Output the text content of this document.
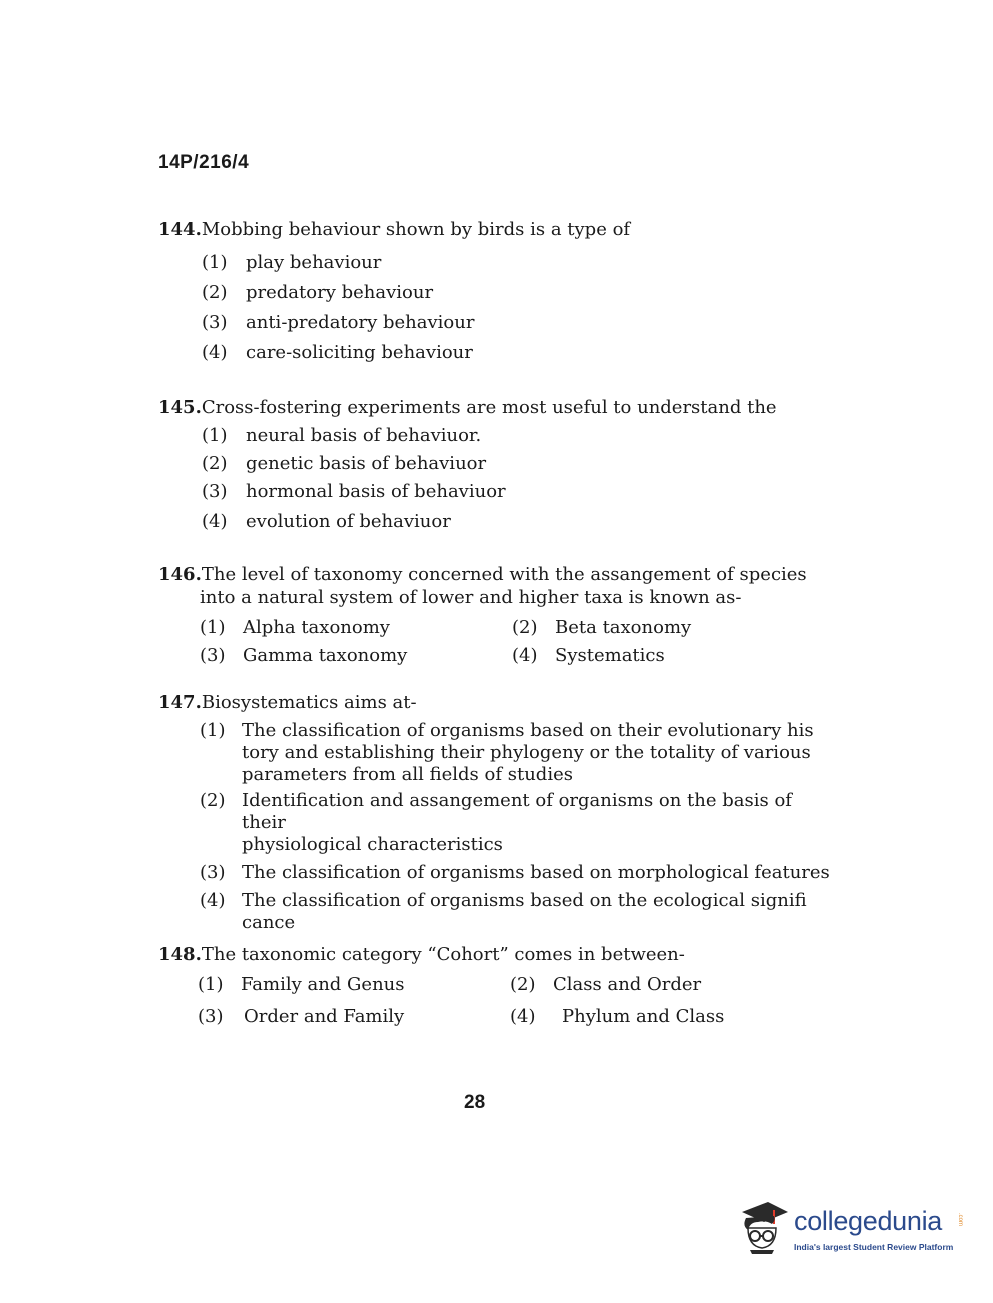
14P/216/4
144. Mobbing behaviour shown by birds is a type of
(1)	play behaviour
(2)	predatory behaviour
(3)	anti-predatory behaviour
(4)	care-soliciting behaviour
145. Cross-fostering experiments are most useful to understand the
(1)	neural basis of behaviuor.
(2)	genetic basis of behaviuor
(3)	hormonal basis of behaviuor
(4)	evolution of behaviuor
146. The level of taxonomy concerned with the assangement of species
into a natural system of lower and higher taxa is known as-
(1) Alpha taxonomy	(2) Beta taxonomy
(3) Gamma taxonomy	(4) Systematics
147. Biosystematics aims at-
(1) The classification of organisms based on their evolutionary his
tory and establishing their phylogeny or the totality of various
parameters from all fields of studies
(2) Identification and assangement of organisms on the basis of their
physiological characteristics
(3) The classification of organisms based on morphological features
(4) The classification of organisms based on the ecological signifi
cance
148. The taxonomic category “Cohort” comes in between-
(1) Family and Genus	(2) Class and Order
(3)	Order and Family	(4)	Phylum and Class
28
collegedunia .com
India's largest Student Review Platform
